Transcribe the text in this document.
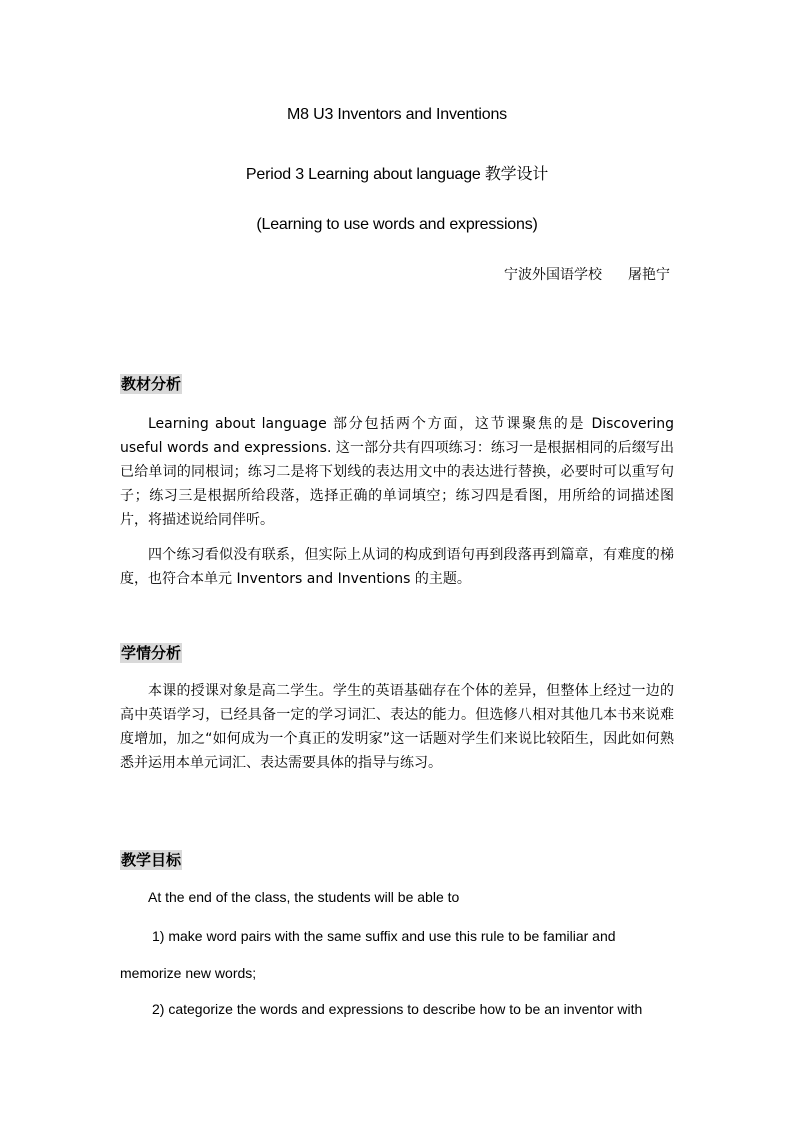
M8 U3 Inventors and Inventions
Period 3 Learning about language 教学设计
(Learning to use words and expressions)
宁波外国语学校 屠艳宁
教材分析
Learning about language 部分包括两个方面，这节课聚焦的是 Discovering useful words and expressions. 这一部分共有四项练习：练习一是根据相同的后缀写出已给单词的同根词；练习二是将下划线的表达用文中的表达进行替换，必要时可以重写句子；练习三是根据所给段落，选择正确的单词填空；练习四是看图，用所给的词描述图片，将描述说给同伴听。
四个练习看似没有联系，但实际上从词的构成到语句再到段落再到篇章，有难度的梯度，也符合本单元 Inventors and Inventions 的主题。
学情分析
本课的授课对象是高二学生。学生的英语基础存在个体的差异，但整体上经过一边的高中英语学习，已经具备一定的学习词汇、表达的能力。但选修八相对其他几本书来说难度增加，加之“如何成为一个真正的发明家”这一话题对学生们来说比较陌生，因此如何熟悉并运用本单元词汇、表达需要具体的指导与练习。
教学目标
At the end of the class, the students will be able to
1) make word pairs with the same suffix and use this rule to be familiar and
memorize new words;
2) categorize the words and expressions to describe how to be an inventor with
